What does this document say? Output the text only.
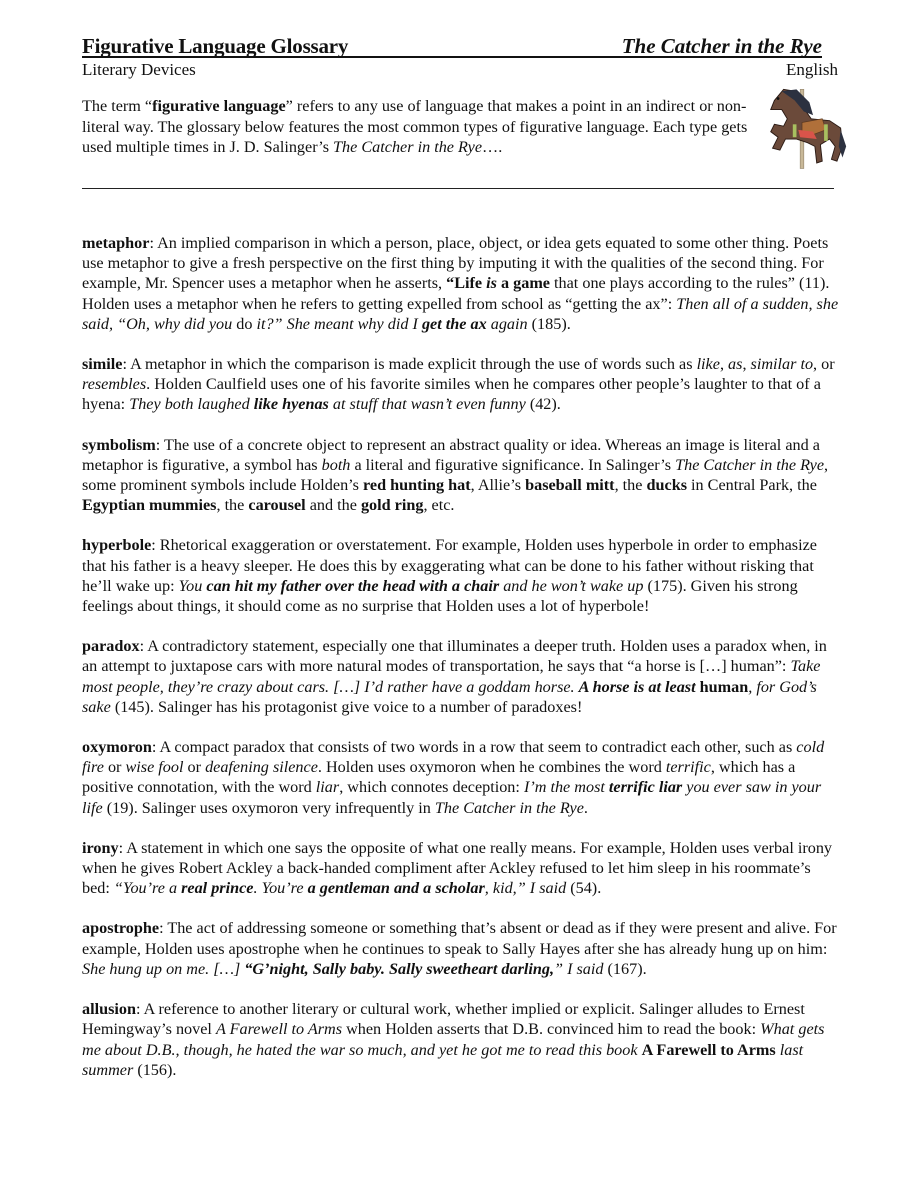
Figurative Language Glossary	The Catcher in the Rye
Literary Devices	English
The term “figurative language” refers to any use of language that makes a point in an indirect or non-literal way. The glossary below features the most common types of figurative language. Each type gets used multiple times in J. D. Salinger’s The Catcher in the Rye….

metaphor: An implied comparison in which a person, place, object, or idea gets equated to some other thing. Poets use metaphor to give a fresh perspective on the first thing by imputing it with the qualities of the second thing. For example, Mr. Spencer uses a metaphor when he asserts, “Life is a game that one plays according to the rules” (11). Holden uses a metaphor when he refers to getting expelled from school as “getting the ax”: Then all of a sudden, she said, “Oh, why did you do it?” She meant why did I get the ax again (185).

simile: A metaphor in which the comparison is made explicit through the use of words such as like, as, similar to, or resembles. Holden Caulfield uses one of his favorite similes when he compares other people’s laughter to that of a hyena: They both laughed like hyenas at stuff that wasn’t even funny (42).

symbolism: The use of a concrete object to represent an abstract quality or idea. Whereas an image is literal and a metaphor is figurative, a symbol has both a literal and figurative significance. In Salinger’s The Catcher in the Rye, some prominent symbols include Holden’s red hunting hat, Allie’s baseball mitt, the ducks in Central Park, the Egyptian mummies, the carousel and the gold ring, etc.

hyperbole: Rhetorical exaggeration or overstatement. For example, Holden uses hyperbole in order to emphasize that his father is a heavy sleeper. He does this by exaggerating what can be done to his father without risking that he’ll wake up: You can hit my father over the head with a chair and he won’t wake up (175). Given his strong feelings about things, it should come as no surprise that Holden uses a lot of hyperbole!

paradox: A contradictory statement, especially one that illuminates a deeper truth. Holden uses a paradox when, in an attempt to juxtapose cars with more natural modes of transportation, he says that “a horse is […] human”: Take most people, they’re crazy about cars. […] I’d rather have a goddam horse. A horse is at least human, for God’s sake (145). Salinger has his protagonist give voice to a number of paradoxes!

oxymoron: A compact paradox that consists of two words in a row that seem to contradict each other, such as cold fire or wise fool or deafening silence. Holden uses oxymoron when he combines the word terrific, which has a positive connotation, with the word liar, which connotes deception: I’m the most terrific liar you ever saw in your life (19). Salinger uses oxymoron very infrequently in The Catcher in the Rye.

irony: A statement in which one says the opposite of what one really means. For example, Holden uses verbal irony when he gives Robert Ackley a back-handed compliment after Ackley refused to let him sleep in his roommate’s bed: “You’re a real prince. You’re a gentleman and a scholar, kid,” I said (54).

apostrophe: The act of addressing someone or something that’s absent or dead as if they were present and alive. For example, Holden uses apostrophe when he continues to speak to Sally Hayes after she has already hung up on him: She hung up on me. […] “G’night, Sally baby. Sally sweetheart darling,” I said (167).

allusion: A reference to another literary or cultural work, whether implied or explicit. Salinger alludes to Ernest Hemingway’s novel A Farewell to Arms when Holden asserts that D.B. convinced him to read the book: What gets me about D.B., though, he hated the war so much, and yet he got me to read this book A Farewell to Arms last summer (156).
